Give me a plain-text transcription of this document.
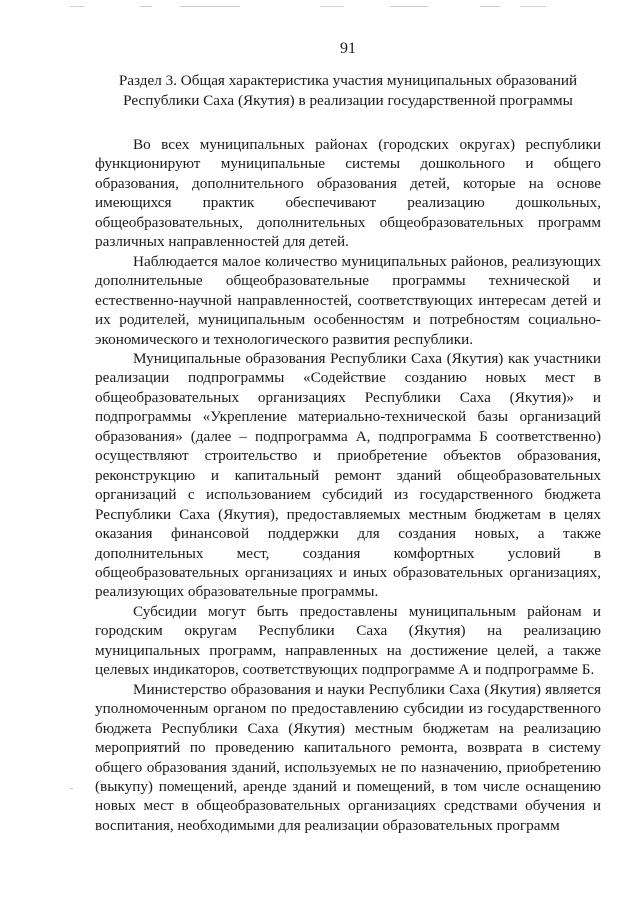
91
Раздел 3. Общая характеристика участия муниципальных образований Республики Саха (Якутия) в реализации государственной программы

Во всех муниципальных районах (городских округах) республики функционируют муниципальные системы дошкольного и общего образования, дополнительного образования детей, которые на основе имеющихся практик обеспечивают реализацию дошкольных, общеобразовательных, дополнительных общеобразовательных программ различных направленностей для детей.

Наблюдается малое количество муниципальных районов, реализующих дополнительные общеобразовательные программы технической и естественно-научной направленностей, соответствующих интересам детей и их родителей, муниципальным особенностям и потребностям социально-экономического и технологического развития республики.

Муниципальные образования Республики Саха (Якутия) как участники реализации подпрограммы «Содействие созданию новых мест в общеобразовательных организациях Республики Саха (Якутия)» и подпрограммы «Укрепление материально-технической базы организаций образования» (далее – подпрограмма А, подпрограмма Б соответственно) осуществляют строительство и приобретение объектов образования, реконструкцию и капитальный ремонт зданий общеобразовательных организаций с использованием субсидий из государственного бюджета Республики Саха (Якутия), предоставляемых местным бюджетам в целях оказания финансовой поддержки для создания новых, а также дополнительных мест, создания комфортных условий в общеобразовательных организациях и иных образовательных организациях, реализующих образовательные программы.

Субсидии могут быть предоставлены муниципальным районам и городским округам Республики Саха (Якутия) на реализацию муниципальных программ, направленных на достижение целей, а также целевых индикаторов, соответствующих подпрограмме А и подпрограмме Б.

Министерство образования и науки Республики Саха (Якутия) является уполномоченным органом по предоставлению субсидии из государственного бюджета Республики Саха (Якутия) местным бюджетам на реализацию мероприятий по проведению капитального ремонта, возврата в систему общего образования зданий, используемых не по назначению, приобретению (выкупу) помещений, аренде зданий и помещений, в том числе оснащению новых мест в общеобразовательных организациях средствами обучения и воспитания, необходимыми для реализации образовательных программ
